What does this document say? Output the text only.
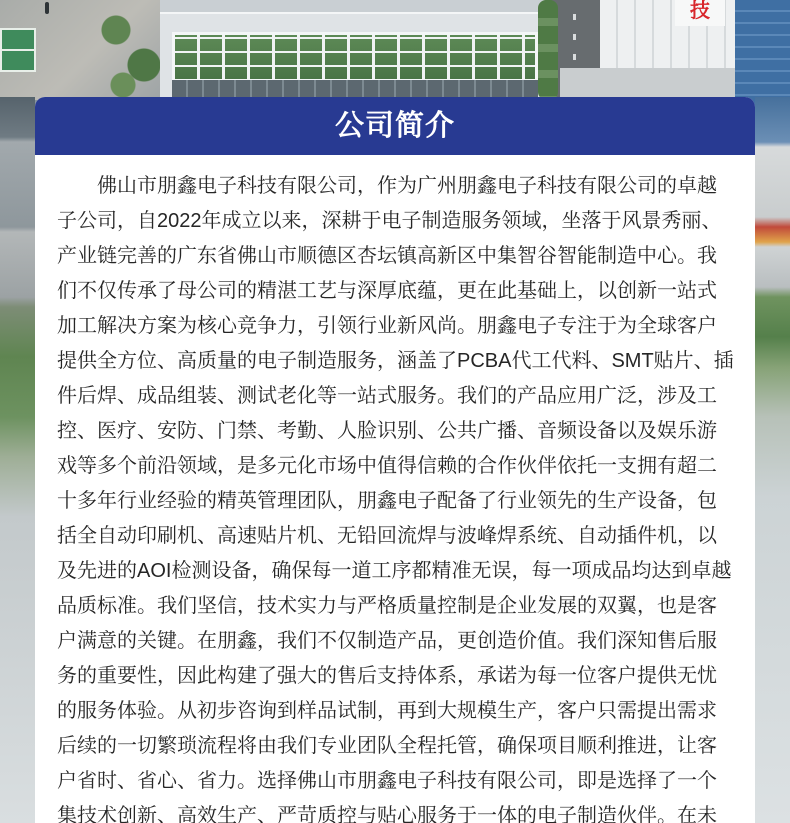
技
公司简介
佛山市朋鑫电子科技有限公司，作为广州朋鑫电子科技有限公司的卓越
子公司，自2022年成立以来，深耕于电子制造服务领域，坐落于风景秀丽、
产业链完善的广东省佛山市顺德区杏坛镇高新区中集智谷智能制造中心。我
们不仅传承了母公司的精湛工艺与深厚底蕴，更在此基础上，以创新一站式
加工解决方案为核心竞争力，引领行业新风尚。朋鑫电子专注于为全球客户
提供全方位、高质量的电子制造服务，涵盖了PCBA代工代料、SMT贴片、插
件后焊、成品组装、测试老化等一站式服务。我们的产品应用广泛，涉及工
控、医疗、安防、门禁、考勤、人脸识别、公共广播、音频设备以及娱乐游
戏等多个前沿领域，是多元化市场中值得信赖的合作伙伴依托一支拥有超二
十多年行业经验的精英管理团队，朋鑫电子配备了行业领先的生产设备，包
括全自动印刷机、高速贴片机、无铅回流焊与波峰焊系统、自动插件机，以
及先进的AOI检测设备，确保每一道工序都精准无误，每一项成品均达到卓越
品质标准。我们坚信，技术实力与严格质量控制是企业发展的双翼，也是客
户满意的关键。在朋鑫，我们不仅制造产品，更创造价值。我们深知售后服
务的重要性，因此构建了强大的售后支持体系，承诺为每一位客户提供无忧
的服务体验。从初步咨询到样品试制，再到大规模生产，客户只需提出需求
后续的一切繁琐流程将由我们专业团队全程托管，确保项目顺利推进，让客
户省时、省心、省力。选择佛山市朋鑫电子科技有限公司，即是选择了一个
集技术创新、高效生产、严苛质控与贴心服务于一体的电子制造伙伴。在未
